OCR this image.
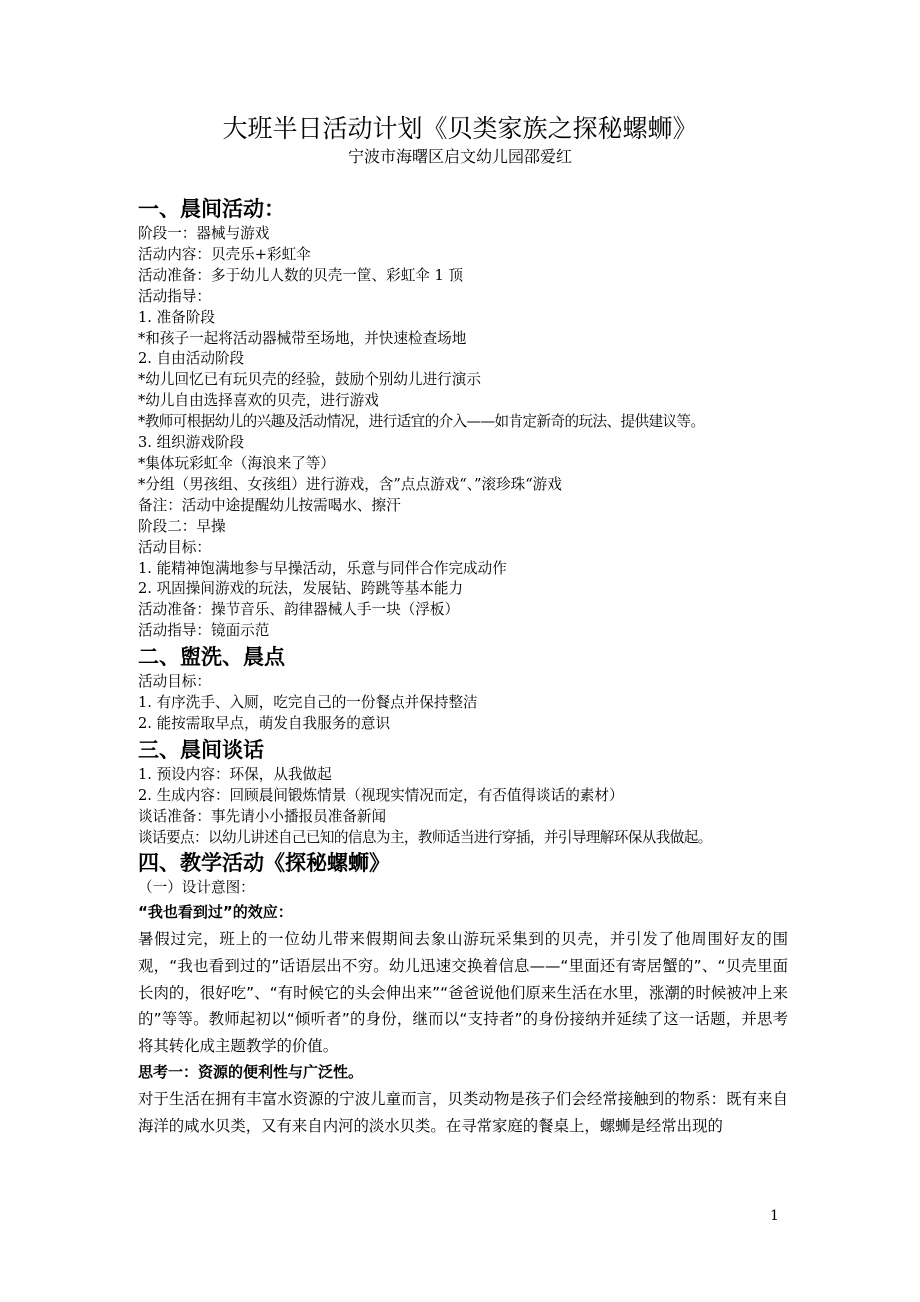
大班半日活动计划《贝类家族之探秘螺蛳》
宁波市海曙区启文幼儿园邵爱红
一、晨间活动：

阶段一：器械与游戏

活动内容：贝壳乐+彩虹伞

活动准备：多于幼儿人数的贝壳一筐、彩虹伞 1 顶

活动指导：

1. 准备阶段

*和孩子一起将活动器械带至场地，并快速检查场地

2. 自由活动阶段

*幼儿回忆已有玩贝壳的经验，鼓励个别幼儿进行演示

*幼儿自由选择喜欢的贝壳，进行游戏

*教师可根据幼儿的兴趣及活动情况，进行适宜的介入——如肯定新奇的玩法、提供建议等。

3. 组织游戏阶段

*集体玩彩虹伞（海浪来了等）

*分组（男孩组、女孩组）进行游戏，含”点点游戏“、”滚珍珠“游戏

备注：活动中途提醒幼儿按需喝水、擦汗

阶段二：早操

活动目标：

1. 能精神饱满地参与早操活动，乐意与同伴合作完成动作

2. 巩固操间游戏的玩法，发展钻、跨跳等基本能力

活动准备：操节音乐、韵律器械人手一块（浮板）

活动指导：镜面示范

二、盥洗、晨点

活动目标：

1. 有序洗手、入厕，吃完自己的一份餐点并保持整洁

2. 能按需取早点，萌发自我服务的意识

三、晨间谈话

1. 预设内容：环保，从我做起

2. 生成内容：回顾晨间锻炼情景（视现实情况而定，有否值得谈话的素材）

谈话准备：事先请小小播报员准备新闻

谈话要点：以幼儿讲述自己已知的信息为主，教师适当进行穿插，并引导理解环保从我做起。

四、教学活动《探秘螺蛳》

（一）设计意图：

“我也看到过”的效应：

暑假过完，班上的一位幼儿带来假期间去象山游玩采集到的贝壳，并引发了他周围好友的围观，“我也看到过的”话语层出不穷。幼儿迅速交换着信息——“里面还有寄居蟹的”、“贝壳里面长肉的，很好吃”、“有时候它的头会伸出来”“爸爸说他们原来生活在水里，涨潮的时候被冲上来的”等等。教师起初以“倾听者”的身份，继而以“支持者”的身份接纳并延续了这一话题，并思考将其转化成主题教学的价值。

思考一：资源的便利性与广泛性。

对于生活在拥有丰富水资源的宁波儿童而言，贝类动物是孩子们会经常接触到的物系：既有来自海洋的咸水贝类，又有来自内河的淡水贝类。在寻常家庭的餐桌上，螺蛳是经常出现的

1
